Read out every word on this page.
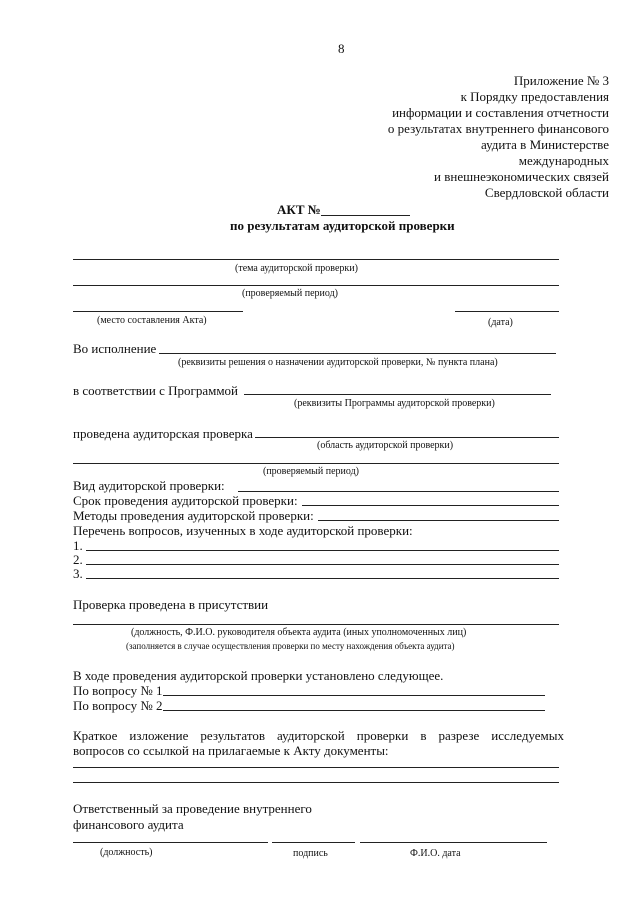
8
Приложение № 3
к Порядку предоставления
информации и составления отчетности
о результатах внутреннего финансового
аудита в Министерстве
международных
и внешнеэкономических связей
Свердловской области
АКТ №
по результатам аудиторской проверки
(тема аудиторской проверки)
(проверяемый период)
(место составления Акта)	(дата)
Во исполнение
(реквизиты решения о назначении аудиторской проверки, № пункта плана)
в соответствии с Программой
(реквизиты Программы аудиторской проверки)
проведена аудиторская проверка
(область аудиторской проверки)
(проверяемый период)
Вид аудиторской проверки:
Срок проведения аудиторской проверки:
Методы проведения аудиторской проверки:
Перечень вопросов, изученных в ходе аудиторской проверки:
1.
2.
3.
Проверка проведена в присутствии
(должность, Ф.И.О. руководителя объекта аудита (иных уполномоченных лиц)
(заполняется в случае осуществления проверки по месту нахождения объекта аудита)
В ходе проведения аудиторской проверки установлено следующее.
По вопросу № 1
По вопросу № 2
Краткое изложение результатов аудиторской проверки в разрезе исследуемых
вопросов со ссылкой на прилагаемые к Акту документы:
Ответственный за проведение внутреннего
финансового аудита
(должность)	подпись	Ф.И.О. дата
